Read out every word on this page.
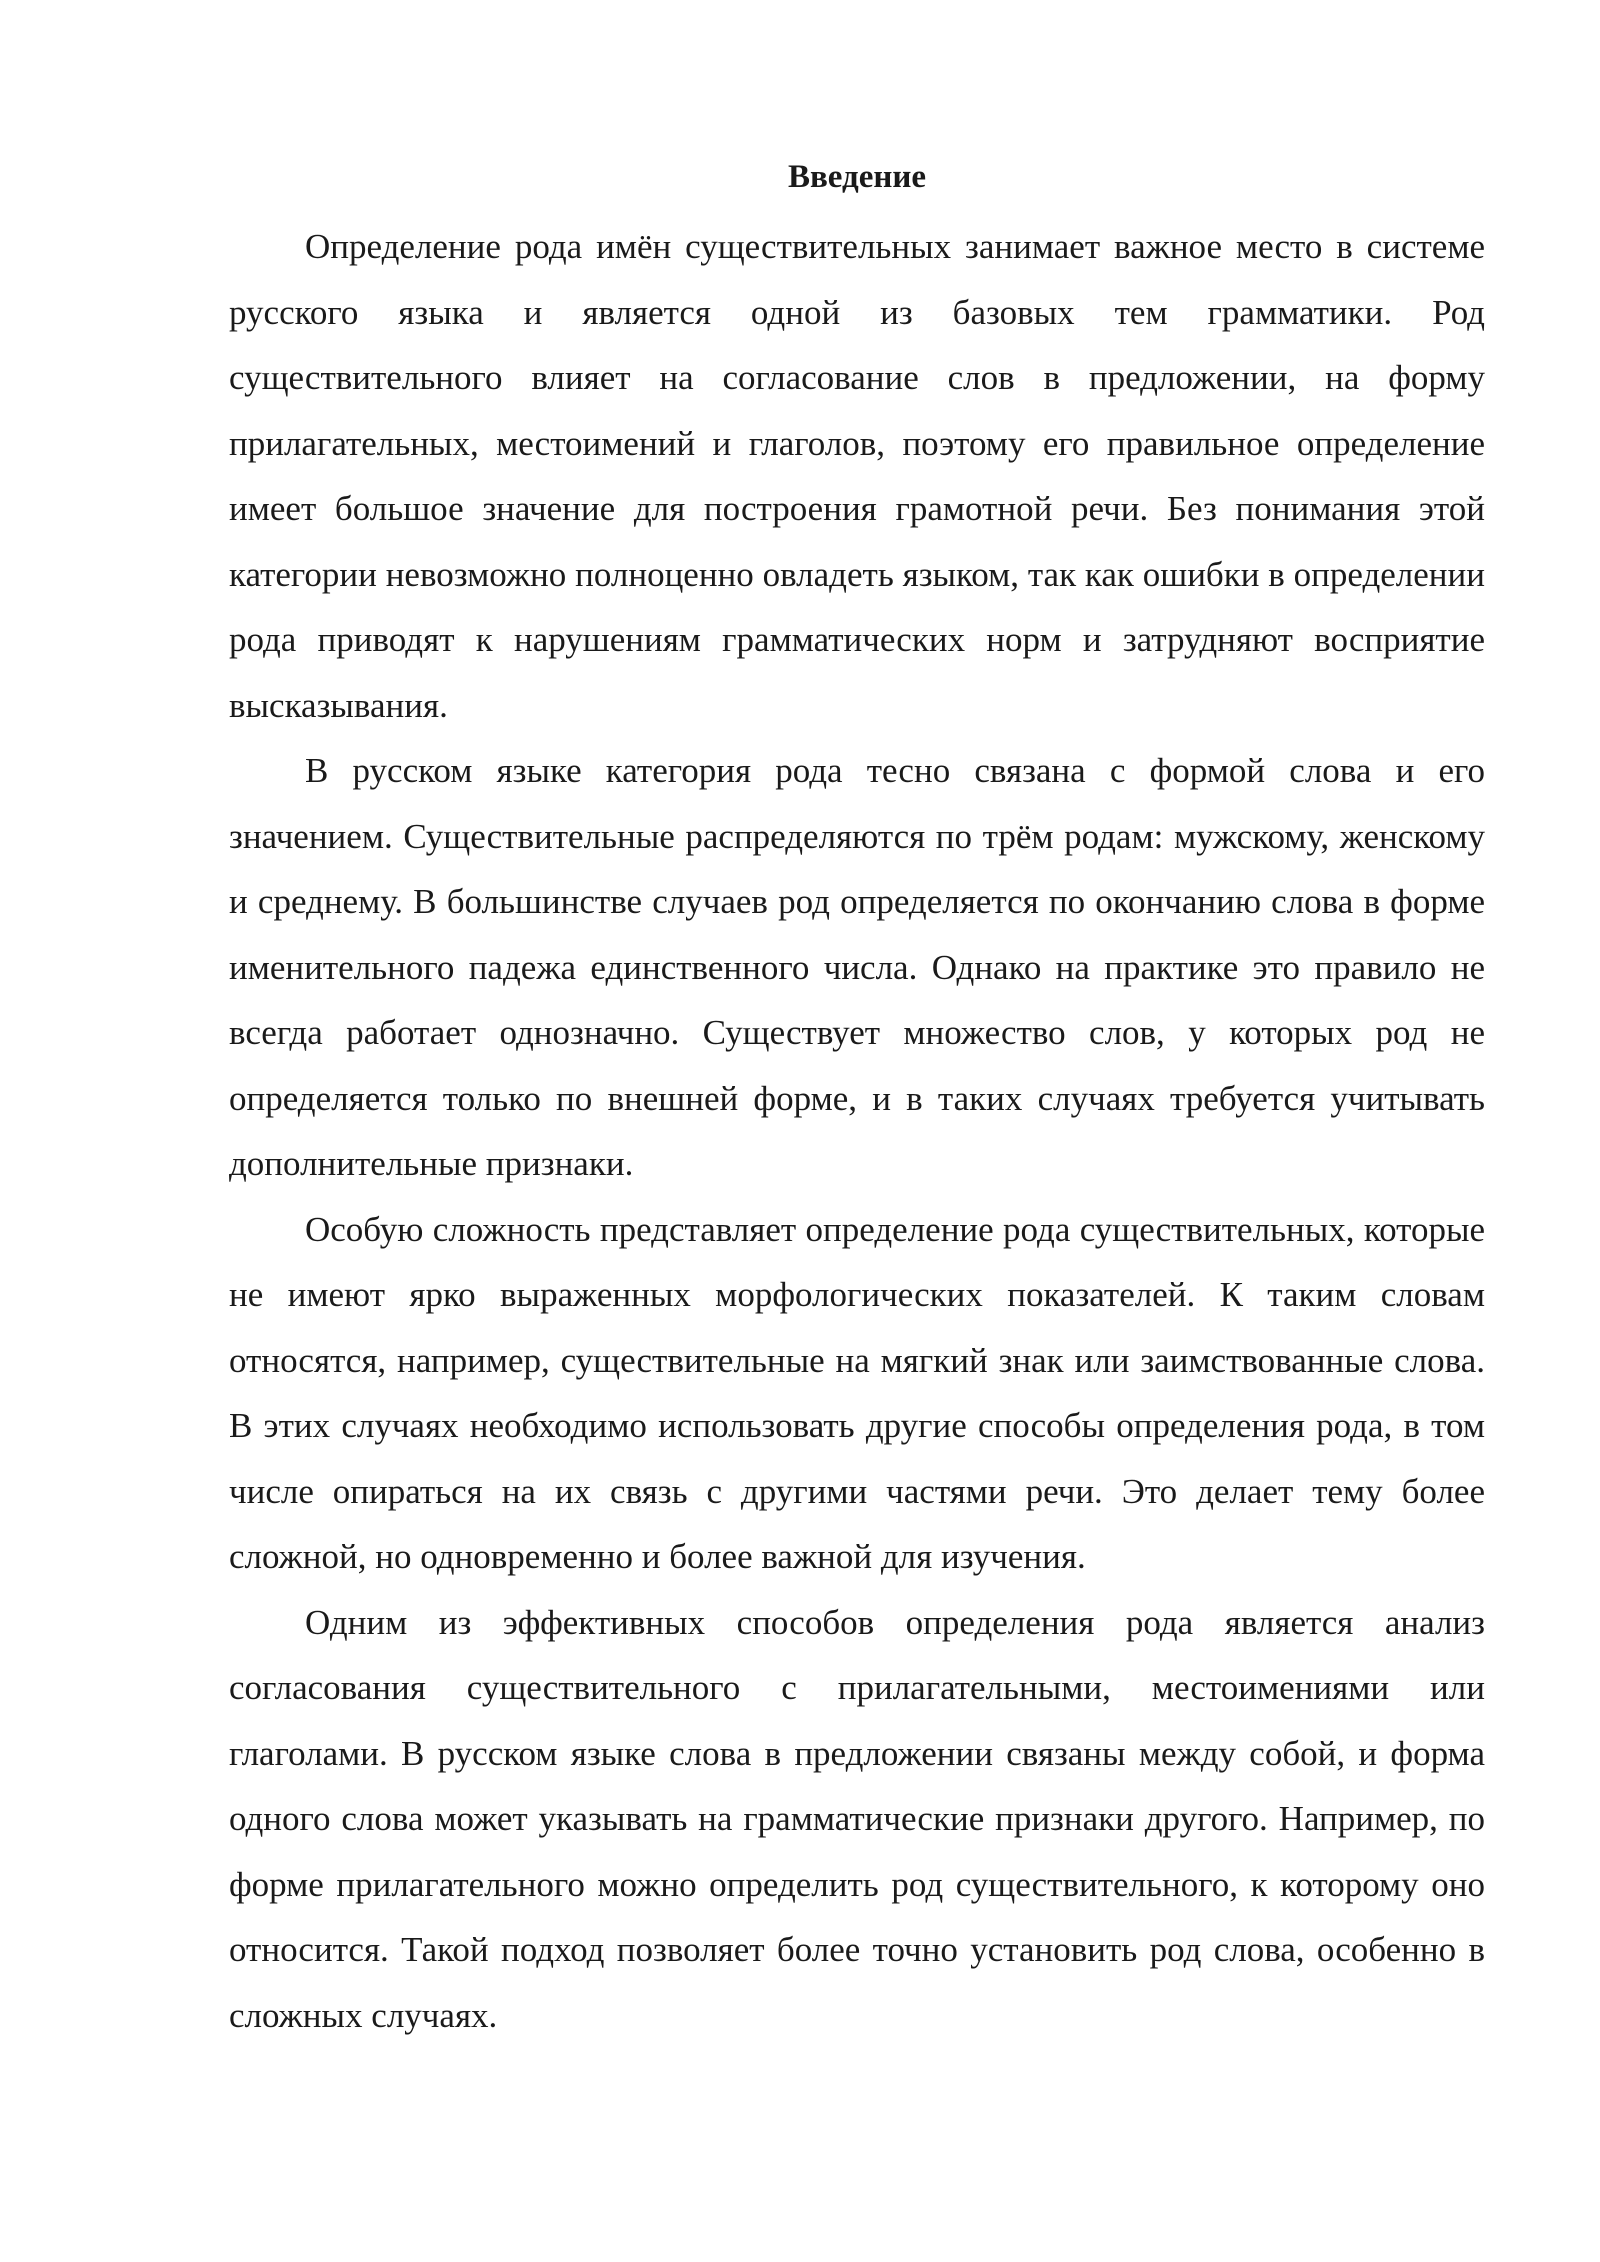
Введение

Определение рода имён существительных занимает важное место в системе русского языка и является одной из базовых тем грамматики. Род существительного влияет на согласование слов в предложении, на форму прилагательных, местоимений и глаголов, поэтому его правильное определение имеет большое значение для построения грамотной речи. Без понимания этой категории невозможно полноценно овладеть языком, так как ошибки в определении рода приводят к нарушениям грамматических норм и затрудняют восприятие высказывания.

В русском языке категория рода тесно связана с формой слова и его значением. Существительные распределяются по трём родам: мужскому, женскому и среднему. В большинстве случаев род определяется по окончанию слова в форме именительного падежа единственного числа. Однако на практике это правило не всегда работает однозначно. Существует множество слов, у которых род не определяется только по внешней форме, и в таких случаях требуется учитывать дополнительные признаки.

Особую сложность представляет определение рода существительных, которые не имеют ярко выраженных морфологических показателей. К таким словам относятся, например, существительные на мягкий знак или заимствованные слова. В этих случаях необходимо использовать другие способы определения рода, в том числе опираться на их связь с другими частями речи. Это делает тему более сложной, но одновременно и более важной для изучения.

Одним из эффективных способов определения рода является анализ согласования существительного с прилагательными, местоимениями или глаголами. В русском языке слова в предложении связаны между собой, и форма одного слова может указывать на грамматические признаки другого. Например, по форме прилагательного можно определить род существительного, к которому оно относится. Такой подход позволяет более точно установить род слова, особенно в сложных случаях.
